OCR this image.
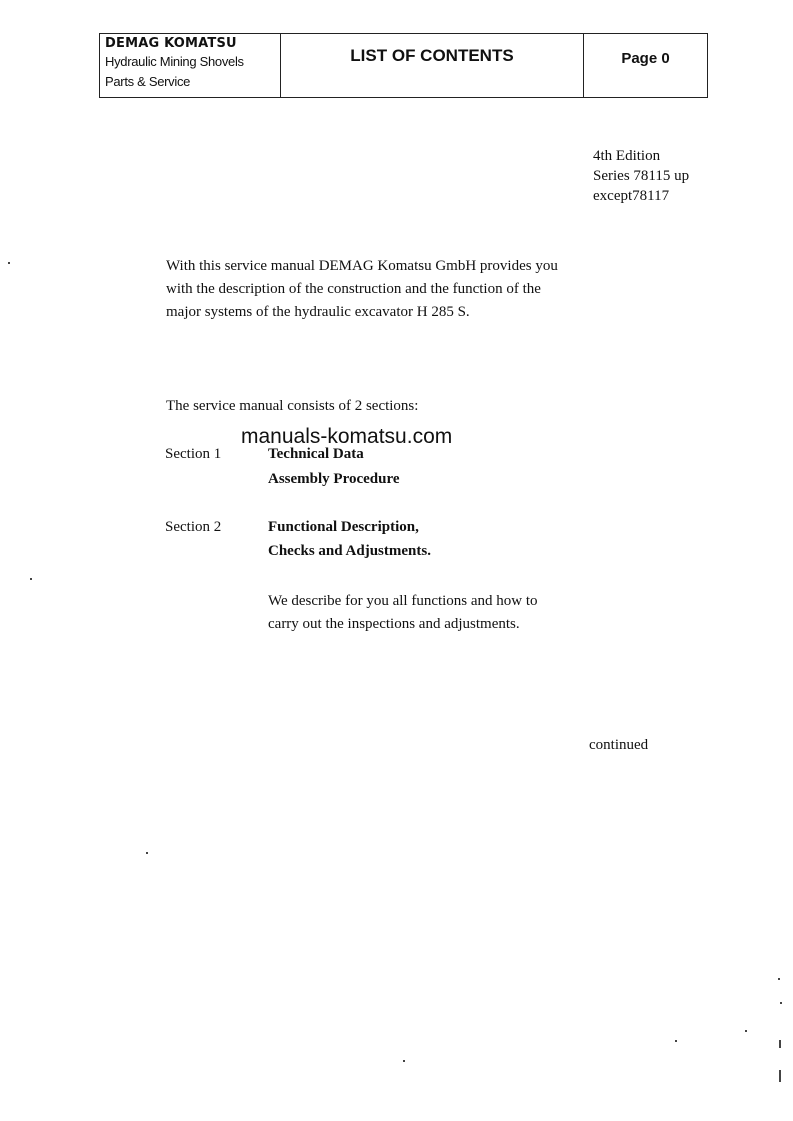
DEMAG KOMATSU
Hydraulic Mining Shovels
Parts & Service
LIST OF CONTENTS	Page 0
4th Edition
Series 78115 up
except78117
With this service manual DEMAG Komatsu GmbH provides you
with the description of the construction and the function of the
major systems of the hydraulic excavator H 285 S.
The service manual consists of 2 sections:
manuals-komatsu.com
Section 1	Technical Data
Assembly Procedure
Section 2	Functional Description,
Checks and Adjustments.
We describe for you all functions and how to
carry out the inspections and adjustments.
continued
